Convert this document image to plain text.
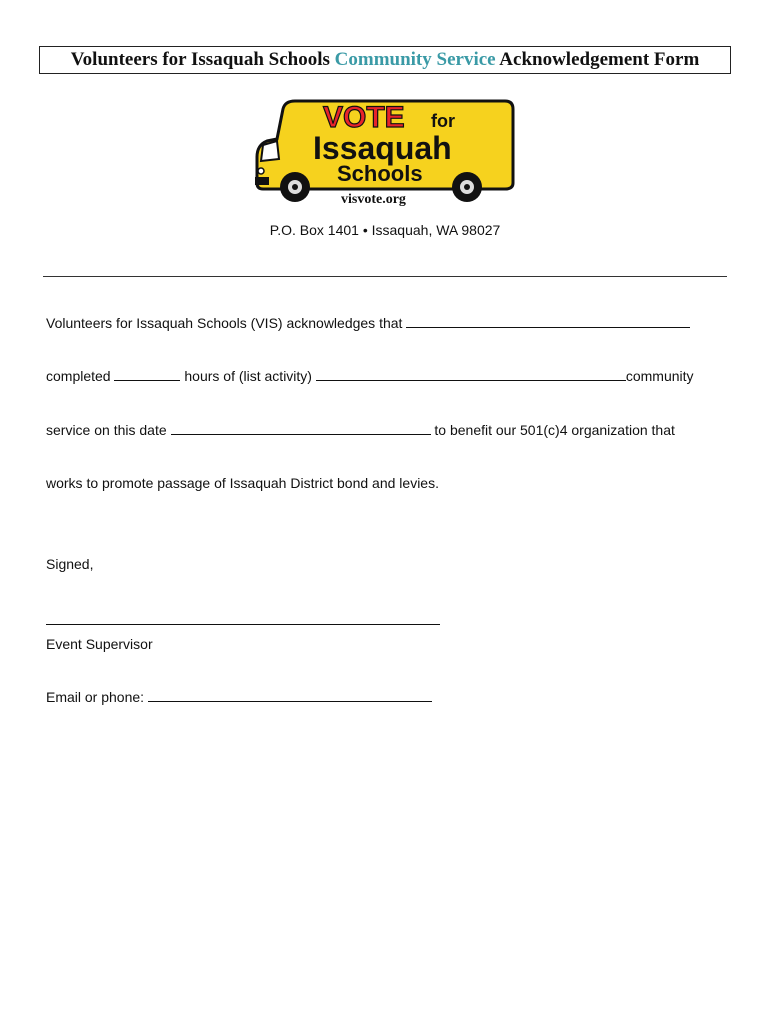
Volunteers for Issaquah Schools Community Service Acknowledgement Form
VOTE for
Issaquah
Schools
visvote.org
P.O. Box 1401 • Issaquah, WA 98027
Volunteers for Issaquah Schools (VIS) acknowledges that
completed	hours of (list activity)	community
service on this date	to benefit our 501(c)4 organization that
works to promote passage of Issaquah District bond and levies.
Signed,
Event Supervisor
Email or phone:
